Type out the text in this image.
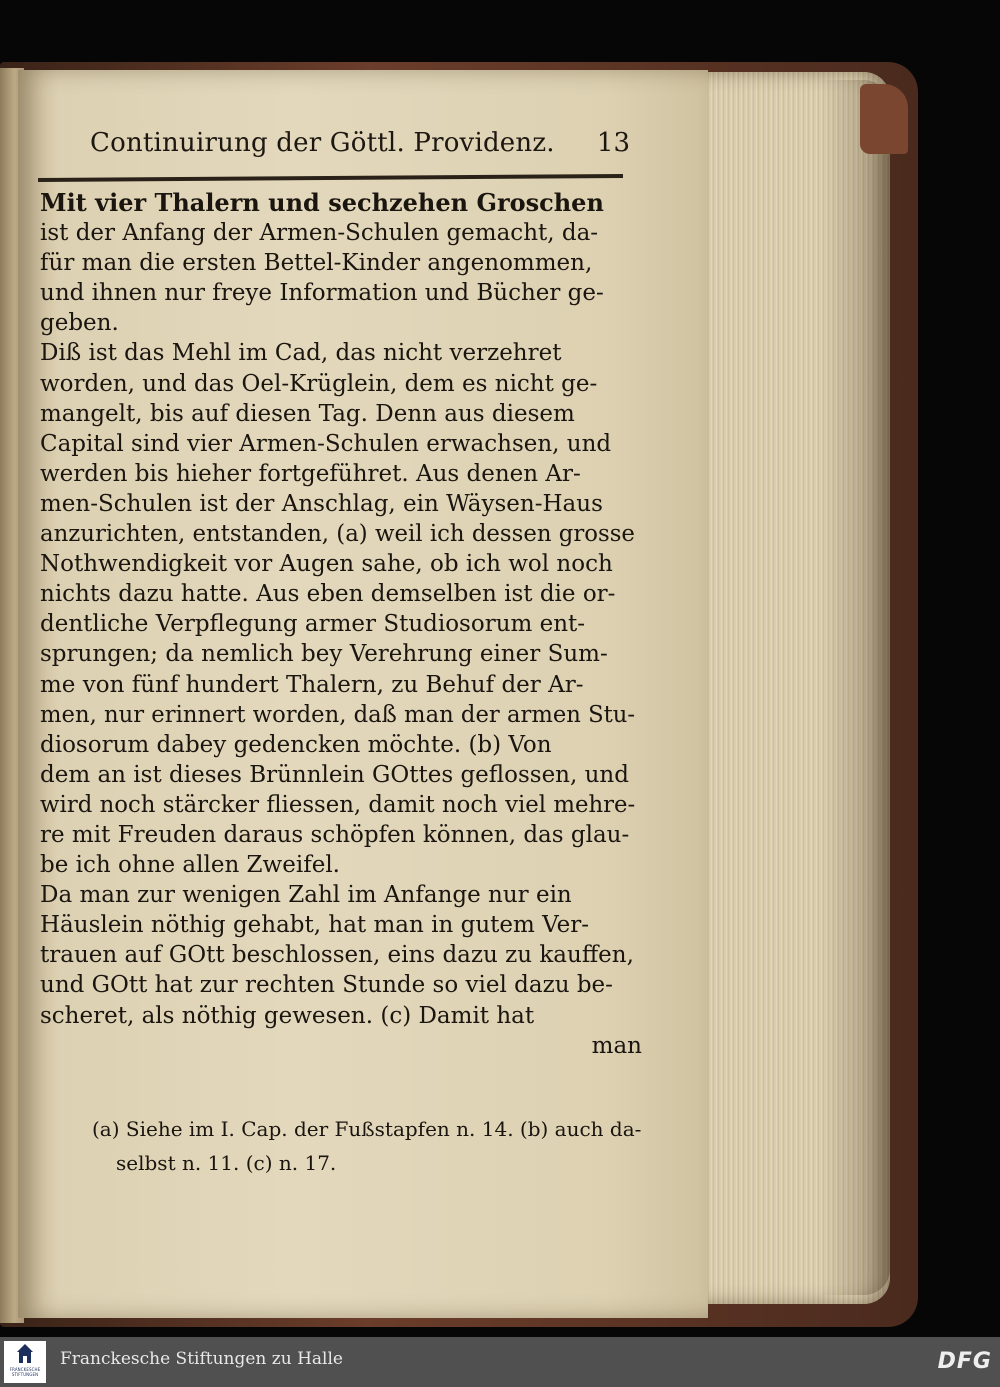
Continuirung der Göttl. Providenz. 13
Mit vier Thalern und sechzehen Groschen
ist der Anfang der Armen-Schulen gemacht, da-
für man die ersten Bettel-Kinder angenommen,
und ihnen nur freye Information und Bücher ge-
geben.
Diß ist das Mehl im Cad, das nicht verzehret
worden, und das Oel-Krüglein, dem es nicht ge-
mangelt, bis auf diesen Tag. Denn aus diesem
Capital sind vier Armen-Schulen erwachsen, und
werden bis hieher fortgeführet. Aus denen Ar-
men-Schulen ist der Anschlag, ein Wäysen-Haus
anzurichten, entstanden, (a) weil ich dessen grosse
Nothwendigkeit vor Augen sahe, ob ich wol noch
nichts dazu hatte. Aus eben demselben ist die or-
dentliche Verpflegung armer Studiosorum ent-
sprungen; da nemlich bey Verehrung einer Sum-
me von fünf hundert Thalern, zu Behuf der Ar-
men, nur erinnert worden, daß man der armen Stu-
diosorum dabey gedencken möchte. (b) Von
dem an ist dieses Brünnlein GOttes geflossen, und
wird noch stärcker fliessen, damit noch viel mehre-
re mit Freuden daraus schöpfen können, das glau-
be ich ohne allen Zweifel.
Da man zur wenigen Zahl im Anfange nur ein
Häuslein nöthig gehabt, hat man in gutem Ver-
trauen auf GOtt beschlossen, eins dazu zu kauffen,
und GOtt hat zur rechten Stunde so viel dazu be-
scheret, als nöthig gewesen. (c) Damit hat
man
(a) Siehe im I. Cap. der Fußstapfen n. 14. (b) auch da-
selbst n. 11. (c) n. 17.
FRANCKESCHE STIFTUNGEN
Franckesche Stiftungen zu Halle	DFG
